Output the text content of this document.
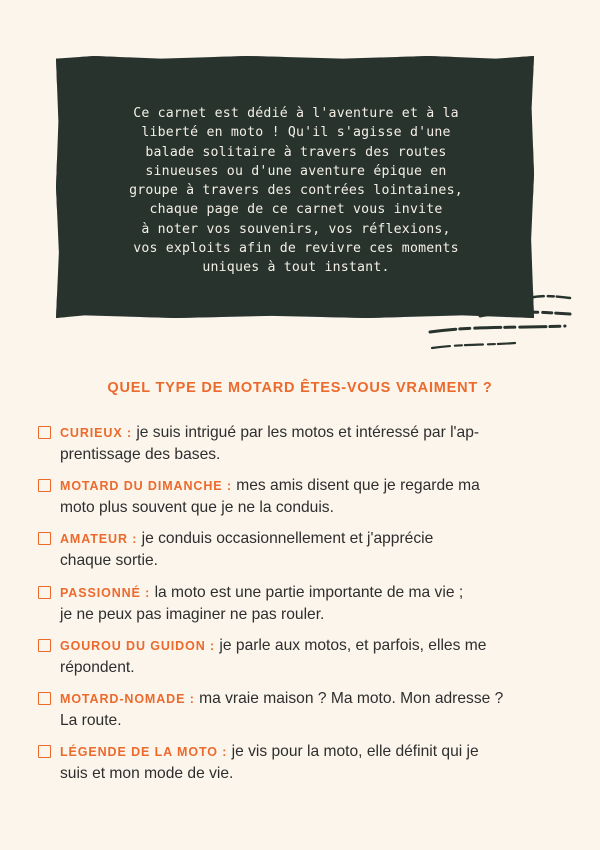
Ce carnet est dédié à l'aventure et à la
liberté en moto ! Qu'il s'agisse d'une
balade solitaire à travers des routes
sinueuses ou d'une aventure épique en
groupe à travers des contrées lointaines,
chaque page de ce carnet vous invite
à noter vos souvenirs, vos réflexions,
vos exploits afin de revivre ces moments
uniques à tout instant.
QUEL TYPE DE MOTARD ÊTES-VOUS VRAIMENT ?
CURIEUX : je suis intrigué par les motos et intéressé par l'ap-
prentissage des bases.
MOTARD DU DIMANCHE : mes amis disent que je regarde ma
moto plus souvent que je ne la conduis.
AMATEUR : je conduis occasionnellement et j'apprécie
chaque sortie.
PASSIONNÉ : la moto est une partie importante de ma vie ;
je ne peux pas imaginer ne pas rouler.
GOUROU DU GUIDON : je parle aux motos, et parfois, elles me
répondent.
MOTARD-NOMADE : ma vraie maison ? Ma moto. Mon adresse ?
La route.
LÉGENDE DE LA MOTO : je vis pour la moto, elle définit qui je
suis et mon mode de vie.
